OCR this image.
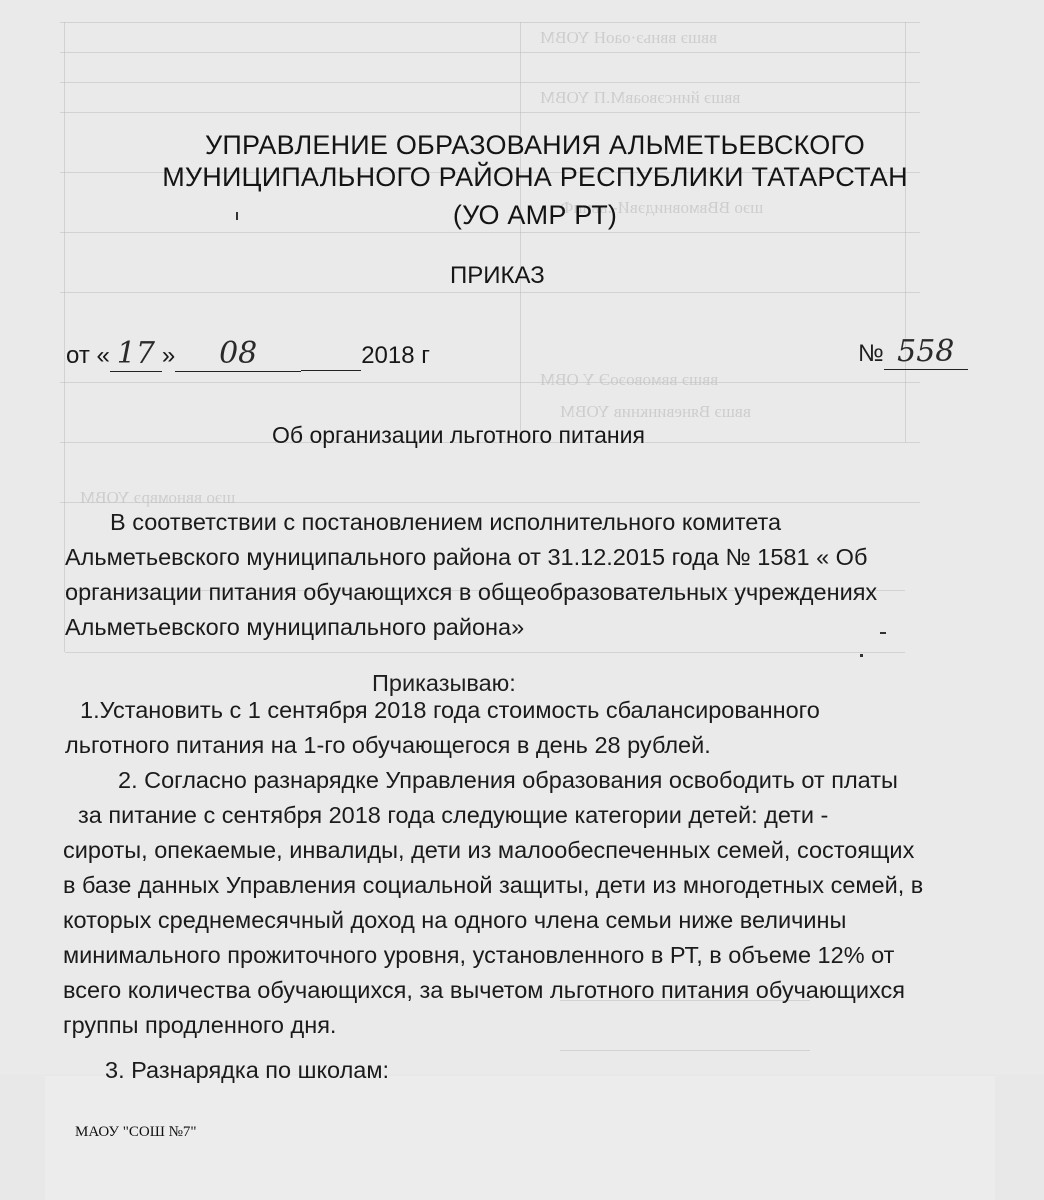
ввшэ ввньэ·оаоН ΥΟΒΜ
ввшэ йинсэвоавМ.П ΥΟΒΜ
шэо ВВвмовнидэвИ-.ввипФ
ввшэ ввмовоэоЭ Υ ΟΒΜ
ввшэ Вяневинкнив ΥΟΒΜ
шэо ввномврэ ΥΟΒΜ
УПРАВЛЕНИЕ ОБРАЗОВАНИЯ АЛЬМЕТЬЕВСКОГО
МУНИЦИПАЛЬНОГО РАЙОНА РЕСПУБЛИКИ ТАТАРСТАН
(УО АМР РТ)
ПРИКАЗ
от « 17 » 08	2018 г	№ 558
Об организации льготного питания
В соответствии с постановлением исполнительного комитета
Альметьевского муниципального района от 31.12.2015 года № 1581 « Об
организации питания обучающихся в общеобразовательных учреждениях
Альметьевского муниципального района»
Приказываю:
1.Установить с 1 сентября 2018 года стоимость сбалансированного
льготного питания на 1-го обучающегося в день 28 рублей.
2. Согласно разнарядке Управления образования освободить от платы
за питание с сентября 2018 года следующие категории детей: дети -
сироты, опекаемые, инвалиды, дети из малообеспеченных семей, состоящих
в базе данных Управления социальной защиты, дети из многодетных семей, в
которых среднемесячный доход на одного члена семьи ниже величины
минимального прожиточного уровня, установленного в РТ, в объеме 12% от
всего количества обучающихся, за вычетом льготного питания обучающихся
группы продленного дня.
3. Разнарядка по школам:
МАОУ "СОШ №7"
